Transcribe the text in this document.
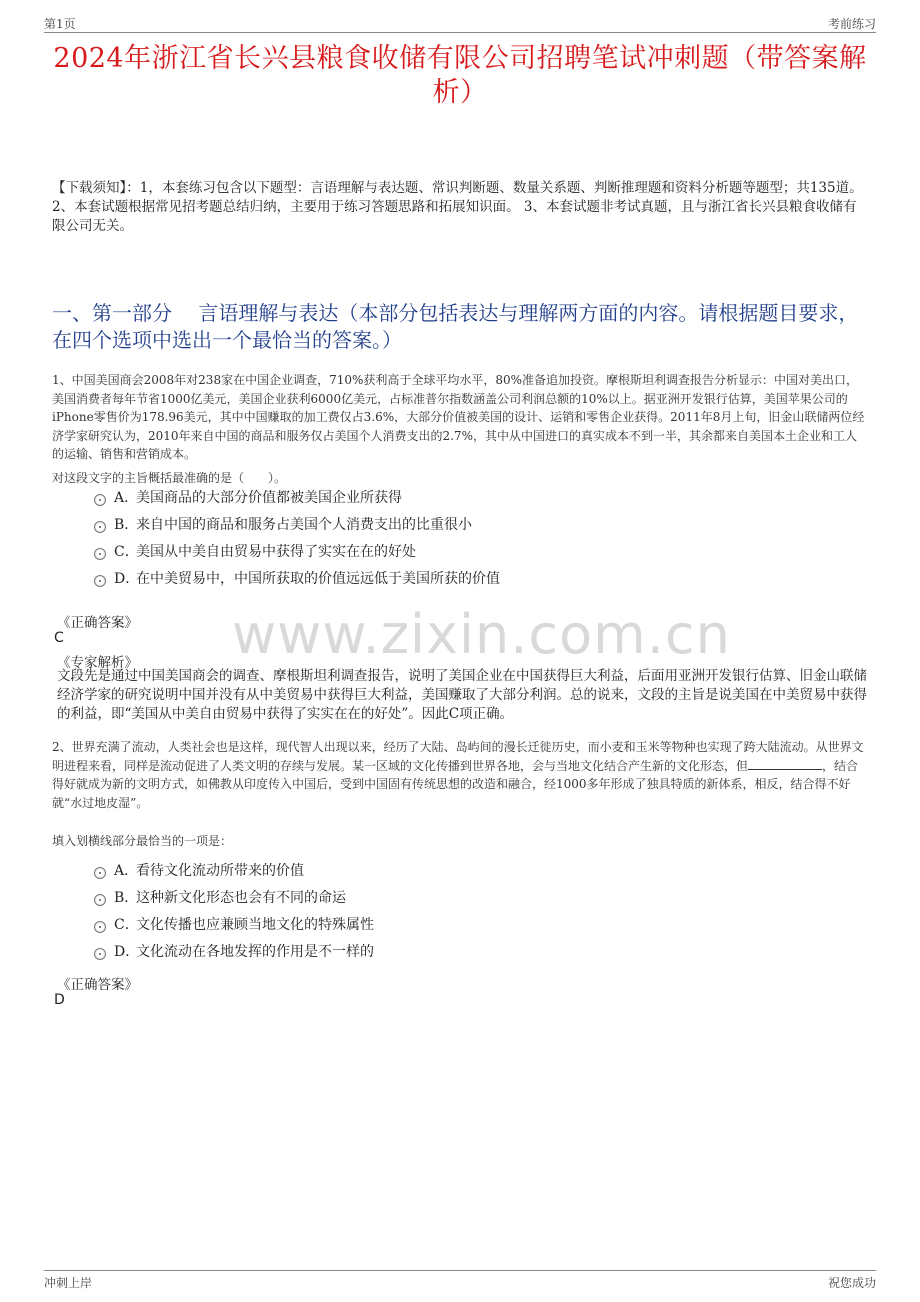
第1页	考前练习
2024年浙江省长兴县粮食收储有限公司招聘笔试冲刺题（带答案解析）
【下载须知】：1，本套练习包含以下题型：言语理解与表达题、常识判断题、数量关系题、判断推理题和资料分析题等题型；共135道。 2、本套试题根据常见招考题总结归纳，主要用于练习答题思路和拓展知识面。 3、本套试题非考试真题，且与浙江省长兴县粮食收储有限公司无关。
一、第一部分　 言语理解与表达（本部分包括表达与理解两方面的内容。请根据题目要求，在四个选项中选出一个最恰当的答案。）
www.zixin.com.cn
1、中国美国商会2008年对238家在中国企业调查，710%获利高于全球平均水平，80%准备追加投资。摩根斯坦利调查报告分析显示：中国对美出口，美国消费者每年节省1000亿美元，美国企业获利6000亿美元，占标准普尔指数涵盖公司利润总额的10%以上。据亚洲开发银行估算，美国苹果公司的iPhone零售价为178.96美元，其中中国赚取的加工费仅占3.6%，大部分价值被美国的设计、运销和零售企业获得。2011年8月上旬，旧金山联储两位经济学家研究认为，2010年来自中国的商品和服务仅占美国个人消费支出的2.7%，其中从中国进口的真实成本不到一半，其余都来自美国本土企业和工人的运输、销售和营销成本。
对这段文字的主旨概括最准确的是（　　）。
A．美国商品的大部分价值都被美国企业所获得
B．来自中国的商品和服务占美国个人消费支出的比重很小
C．美国从中美自由贸易中获得了实实在在的好处
D．在中美贸易中，中国所获取的价值远远低于美国所获的价值
《正确答案》
C
《专家解析》
文段先是通过中国美国商会的调查、摩根斯坦利调查报告，说明了美国企业在中国获得巨大利益，后面用亚洲开发银行估算、旧金山联储经济学家的研究说明中国并没有从中美贸易中获得巨大利益，美国赚取了大部分利润。总的说来，文段的主旨是说美国在中美贸易中获得的利益，即“美国从中美自由贸易中获得了实实在在的好处”。因此C项正确。
2、世界充满了流动，人类社会也是这样，现代智人出现以来，经历了大陆、岛屿间的漫长迁徙历史，而小麦和玉米等物种也实现了跨大陆流动。从世界文明进程来看，同样是流动促进了人类文明的存续与发展。某一区域的文化传播到世界各地，会与当地文化结合产生新的文化形态，但	，结合得好就成为新的文明方式，如佛教从印度传入中国后，受到中国固有传统思想的改造和融合，经1000多年形成了独具特质的新体系，相反，结合得不好就“水过地皮湿”。
填入划横线部分最恰当的一项是：
A．看待文化流动所带来的价值
B．这种新文化形态也会有不同的命运
C．文化传播也应兼顾当地文化的特殊属性
D．文化流动在各地发挥的作用是不一样的
《正确答案》
D
冲刺上岸	祝您成功
